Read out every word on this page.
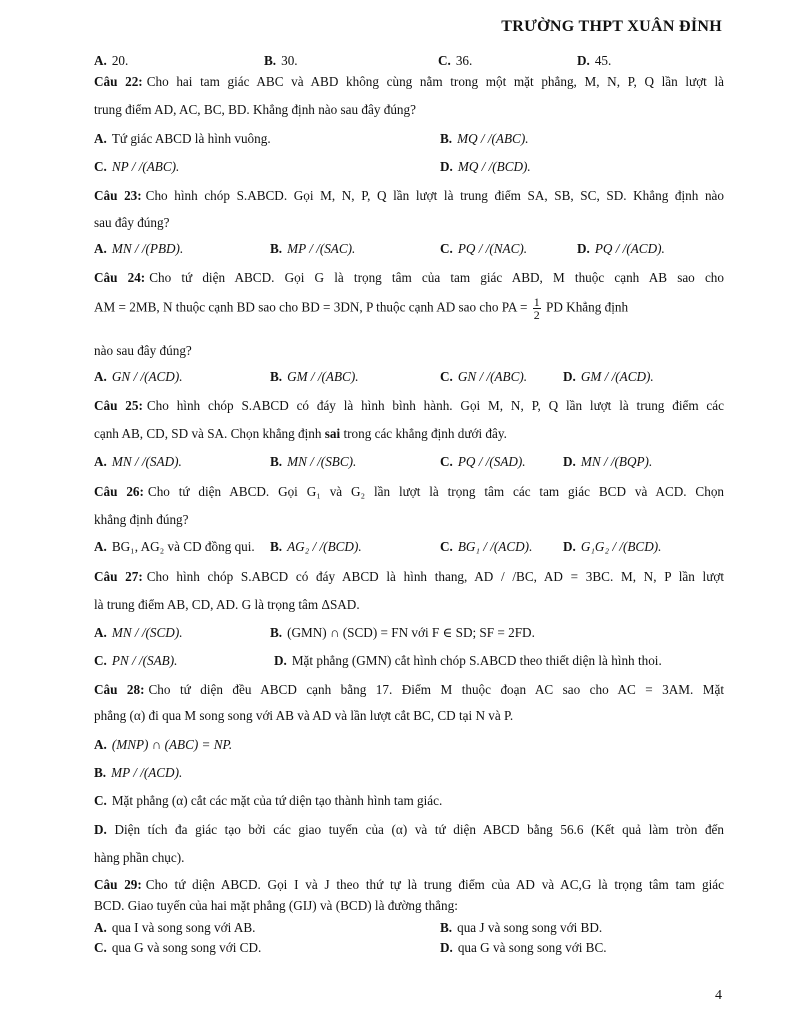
TRƯỜNG THPT XUÂN ĐỈNH
A. 20.	B. 30.	C. 36.	D. 45.
Câu 22: Cho hai tam giác ABC và ABD không cùng nằm trong một mặt phẳng, M, N, P, Q lần lượt là
trung điểm AD, AC, BC, BD. Khẳng định nào sau đây đúng?
A. Tứ giác ABCD là hình vuông.	B. MQ / /(ABC).
C. NP / /(ABC).	D. MQ / /(BCD).
Câu 23: Cho hình chóp S.ABCD. Gọi M, N, P, Q lần lượt là trung điểm SA, SB, SC, SD. Khẳng định nào
sau đây đúng?
A. MN / /(PBD).	B. MP / /(SAC).	C. PQ / /(NAC).	D. PQ / /(ACD).
Câu 24: Cho tứ diện ABCD. Gọi G là trọng tâm của tam giác ABD, M thuộc cạnh AB sao cho
AM = 2MB, N thuộc cạnh BD sao cho BD = 3DN, P thuộc cạnh AD sao cho PA = $\frac{1}{2}$ PD Khẳng định
nào sau đây đúng?
A. GN / /(ACD).	B. GM / /(ABC).	C. GN / /(ABC).	D. GM / /(ACD).
Câu 25: Cho hình chóp S.ABCD có đáy là hình bình hành. Gọi M, N, P, Q lần lượt là trung điểm các
cạnh AB, CD, SD và SA. Chọn khẳng định sai trong các khẳng định dưới đây.
A. MN / /(SAD).	B. MN / /(SBC).	C. PQ / /(SAD).	D. MN / /(BQP).
Câu 26: Cho tứ diện ABCD. Gọi G₁ và G₂ lần lượt là trọng tâm các tam giác BCD và ACD. Chọn
khẳng định đúng?
A. BG₁, AG₂ và CD đồng qui. B. AG₂ / /(BCD).	C. BG₁ / /(ACD). D. G₁G₂ / /(BCD).
Câu 27: Cho hình chóp S.ABCD có đáy ABCD là hình thang, AD / /BC, AD = 3BC. M, N, P lần lượt
là trung điểm AB, CD, AD. G là trọng tâm ΔSAD.
A. MN / /(SCD).	B. (GMN) ∩ (SCD) = FN với F ∈ SD; SF = 2FD.
C. PN / /(SAB).	D. Mặt phẳng (GMN) cắt hình chóp S.ABCD theo thiết diện là hình thoi.
Câu 28: Cho tứ diện đều ABCD cạnh bằng 17. Điểm M thuộc đoạn AC sao cho AC = 3AM. Mặt
phẳng (α) đi qua M song song với AB và AD và lần lượt cắt BC, CD tại N và P.
A. (MNP) ∩ (ABC) = NP.
B. MP / /(ACD).
C. Mặt phẳng (α) cắt các mặt của tứ diện tạo thành hình tam giác.
D. Diện tích đa giác tạo bởi các giao tuyến của (α) và tứ diện ABCD bằng 56.6 (Kết quả làm tròn đến
hàng phần chục).
Câu 29: Cho tứ diện ABCD. Gọi I và J theo thứ tự là trung điểm của AD và AC,G là trọng tâm tam giác
BCD. Giao tuyến của hai mặt phẳng (GIJ) và (BCD) là đường thẳng:
A. qua I và song song với AB.	B. qua J và song song với BD.
C. qua G và song song với CD.	D. qua G và song song với BC.
4
